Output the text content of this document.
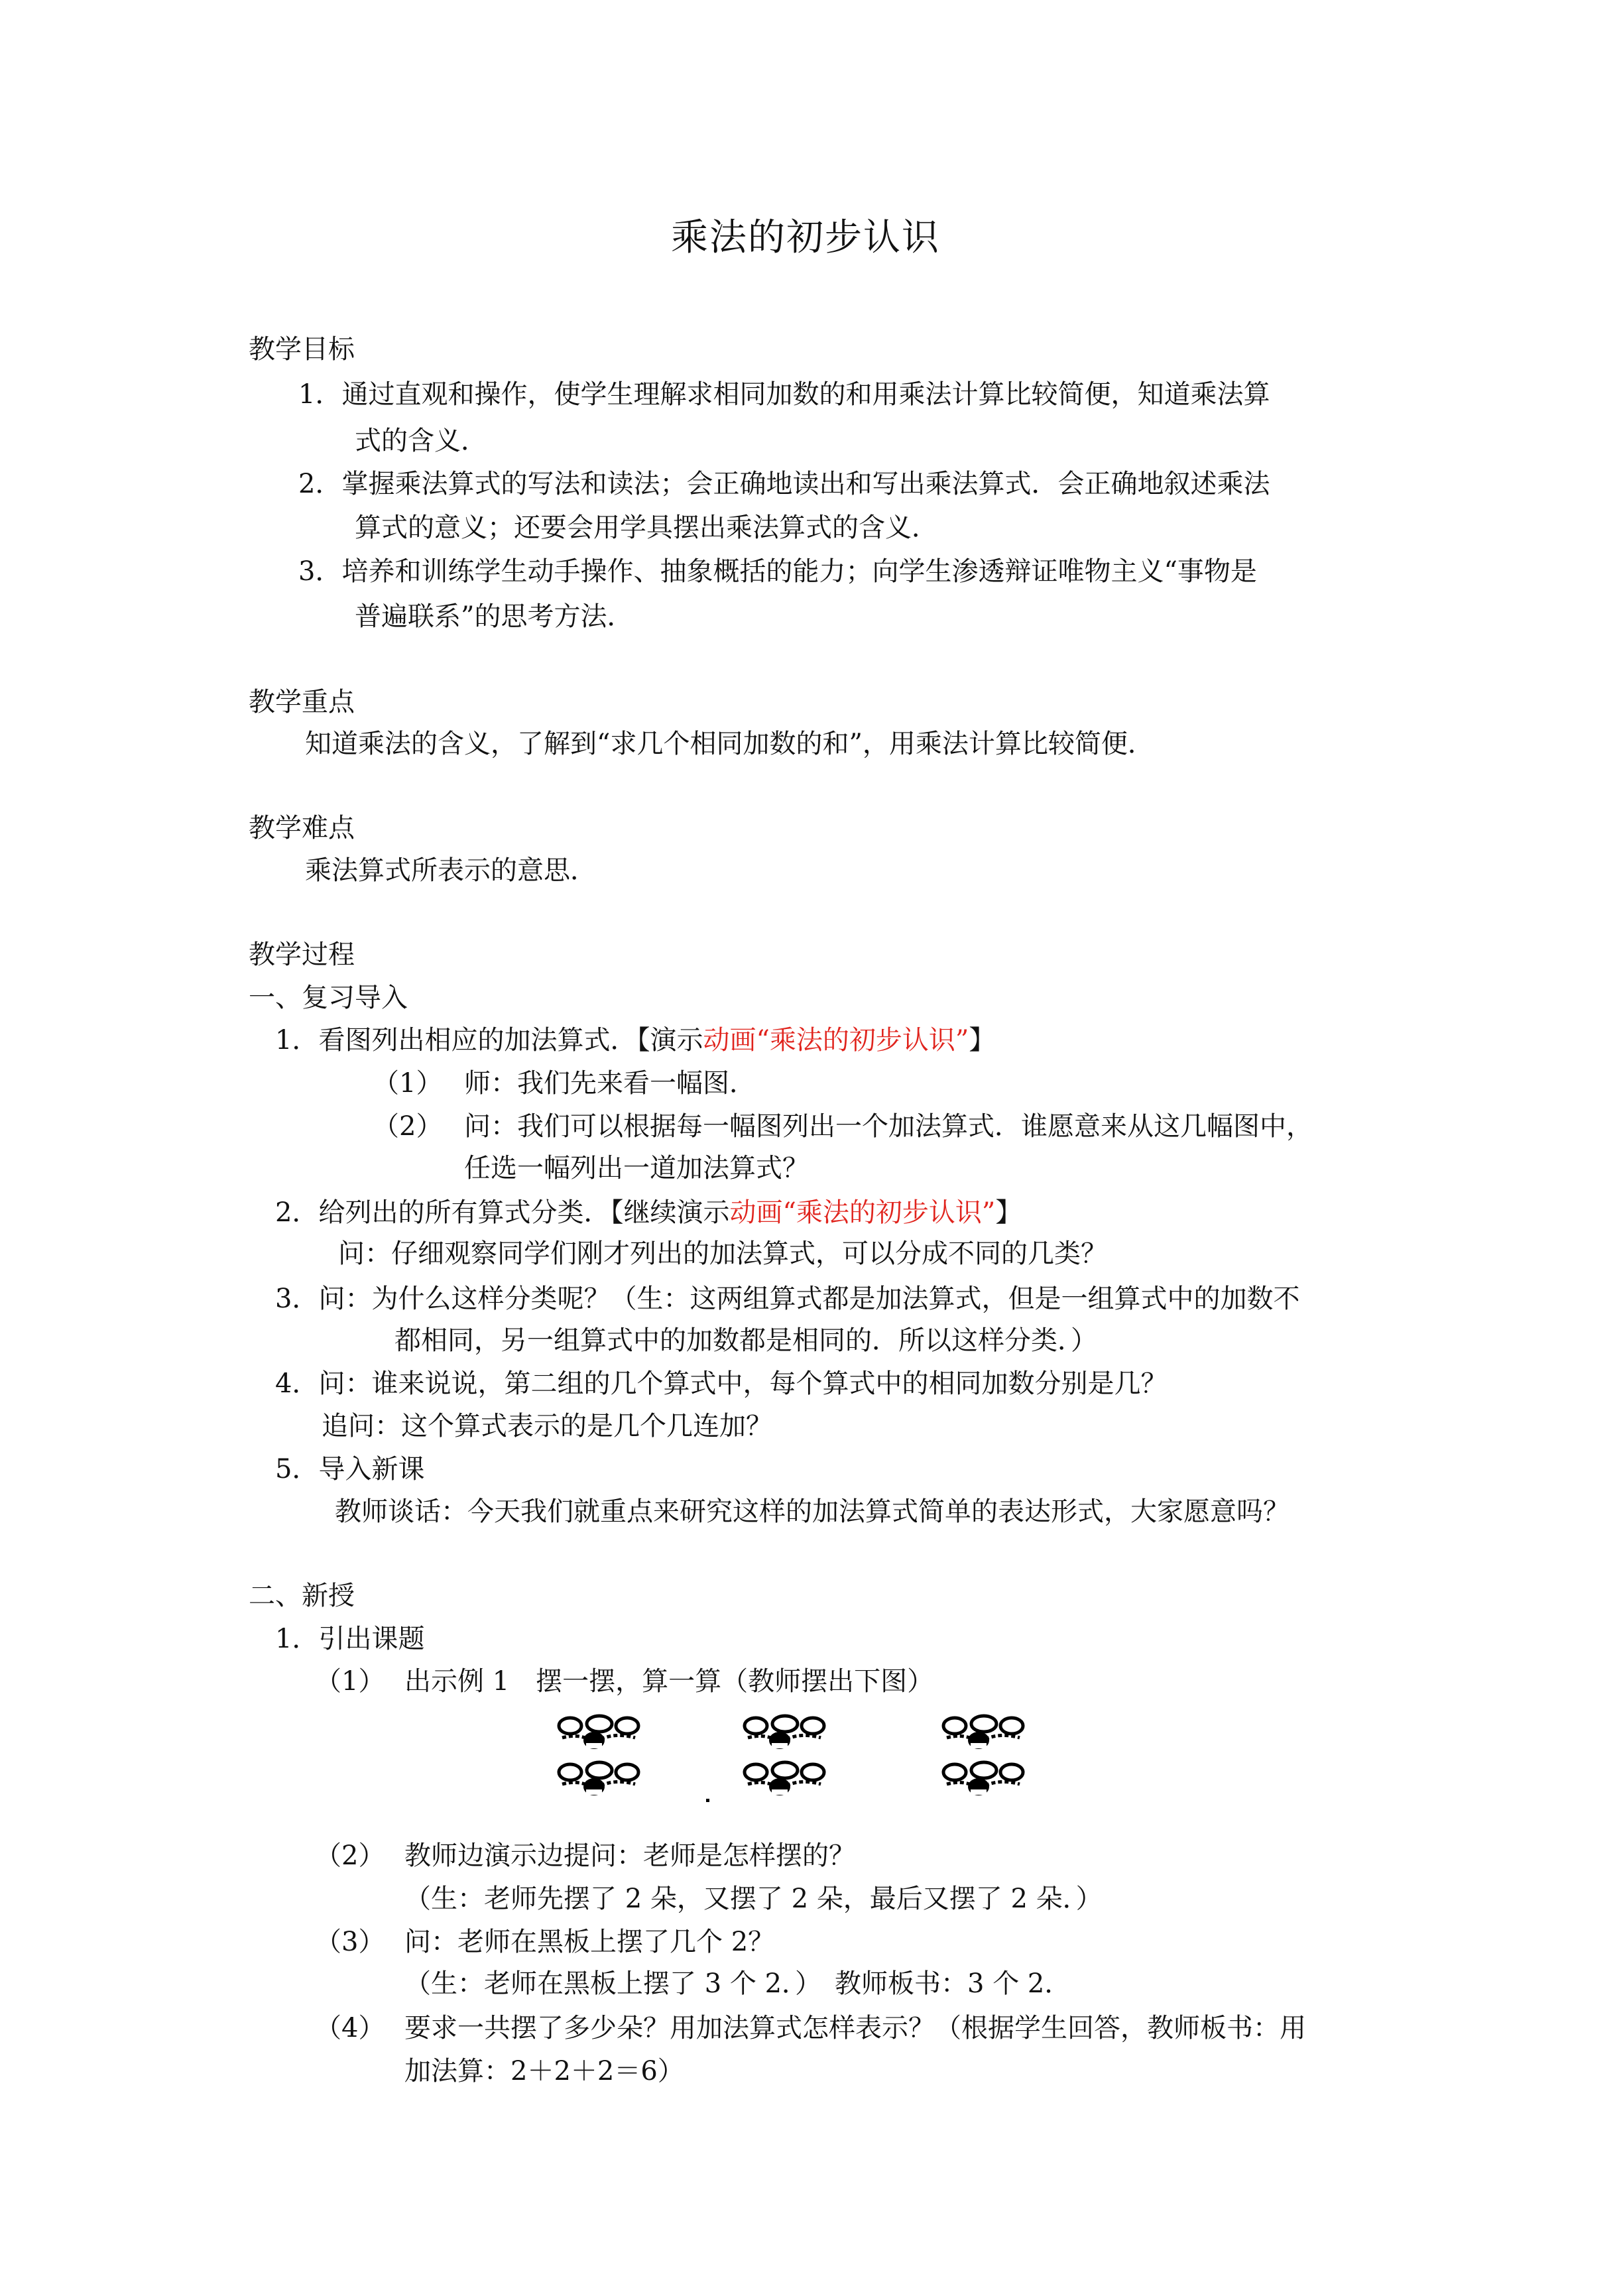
乘法的初步认识
教学目标
1．通过直观和操作，使学生理解求相同加数的和用乘法计算比较简便，知道乘法算
式的含义．
2．掌握乘法算式的写法和读法；会正确地读出和写出乘法算式．会正确地叙述乘法
算式的意义；还要会用学具摆出乘法算式的含义．
3．培养和训练学生动手操作、抽象概括的能力；向学生渗透辩证唯物主义“事物是
普遍联系”的思考方法．
教学重点
知道乘法的含义，了解到“求几个相同加数的和”，用乘法计算比较简便．
教学难点
乘法算式所表示的意思．
教学过程
一、复习导入
1．看图列出相应的加法算式．【演示动画“乘法的初步认识”】
（1） 师：我们先来看一幅图．
（2） 问：我们可以根据每一幅图列出一个加法算式．谁愿意来从这几幅图中，
任选一幅列出一道加法算式？
2．给列出的所有算式分类．【继续演示动画“乘法的初步认识”】
问：仔细观察同学们刚才列出的加法算式，可以分成不同的几类？
3．问：为什么这样分类呢？（生：这两组算式都是加法算式，但是一组算式中的加数不
都相同，另一组算式中的加数都是相同的．所以这样分类．）
4．问：谁来说说，第二组的几个算式中，每个算式中的相同加数分别是几？
追问：这个算式表示的是几个几连加？
5．导入新课
教师谈话：今天我们就重点来研究这样的加法算式简单的表达形式，大家愿意吗？
二、新授
1．引出课题
（1） 出示例 1　摆一摆，算一算（教师摆出下图）
（2） 教师边演示边提问：老师是怎样摆的？
（生：老师先摆了 2 朵，又摆了 2 朵，最后又摆了 2 朵．）
（3） 问：老师在黑板上摆了几个 2？
（生：老师在黑板上摆了 3 个 2．）　教师板书：3 个 2．
（4） 要求一共摆了多少朵？用加法算式怎样表示？（根据学生回答，教师板书：用
加法算：2＋2＋2＝6）
